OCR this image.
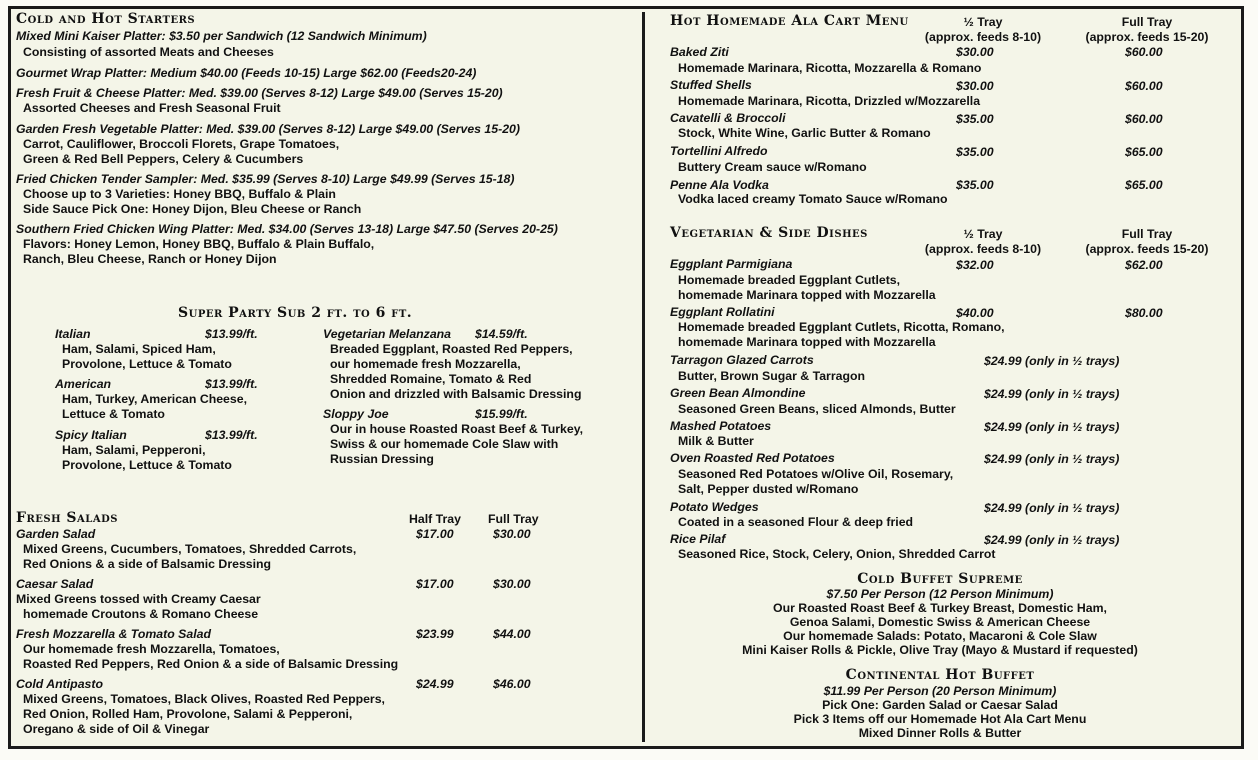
Cold and Hot Starters
Mixed Mini Kaiser Platter: $3.50 per Sandwich (12 Sandwich Minimum)
Consisting of assorted Meats and Cheeses
Gourmet Wrap Platter: Medium $40.00 (Feeds 10-15) Large $62.00 (Feeds20-24)
Fresh Fruit & Cheese Platter: Med. $39.00 (Serves 8-12) Large $49.00 (Serves 15-20)
Assorted Cheeses and Fresh Seasonal Fruit
Garden Fresh Vegetable Platter: Med. $39.00 (Serves 8-12) Large $49.00 (Serves 15-20)
Carrot, Cauliflower, Broccoli Florets, Grape Tomatoes,
Green & Red Bell Peppers, Celery & Cucumbers
Fried Chicken Tender Sampler: Med. $35.99 (Serves 8-10) Large $49.99 (Serves 15-18)
Choose up to 3 Varieties: Honey BBQ, Buffalo & Plain
Side Sauce Pick One: Honey Dijon, Bleu Cheese or Ranch
Southern Fried Chicken Wing Platter: Med. $34.00 (Serves 13-18) Large $47.50 (Serves 20-25)
Flavors: Honey Lemon, Honey BBQ, Buffalo & Plain Buffalo,
Ranch, Bleu Cheese, Ranch or Honey Dijon
Super Party Sub 2 ft. to 6 ft.
Italian	$13.99/ft.
Ham, Salami, Spiced Ham,
Provolone, Lettuce & Tomato
American	$13.99/ft.
Ham, Turkey, American Cheese,
Lettuce & Tomato
Spicy Italian	$13.99/ft.
Ham, Salami, Pepperoni,
Provolone, Lettuce & Tomato
Vegetarian Melanzana $14.59/ft.
Breaded Eggplant, Roasted Red Peppers,
our homemade fresh Mozzarella,
Shredded Romaine, Tomato & Red
Onion and drizzled with Balsamic Dressing
Sloppy Joe	$15.99/ft.
Our in house Roasted Roast Beef & Turkey,
Swiss & our homemade Cole Slaw with
Russian Dressing
Fresh Salads	Half Tray Full Tray
Garden Salad	$17.00	$30.00
Mixed Greens, Cucumbers, Tomatoes, Shredded Carrots,
Red Onions & a side of Balsamic Dressing
Caesar Salad	$17.00	$30.00
Mixed Greens tossed with Creamy Caesar
homemade Croutons & Romano Cheese
Fresh Mozzarella & Tomato Salad	$23.99	$44.00
Our homemade fresh Mozzarella, Tomatoes,
Roasted Red Peppers, Red Onion & a side of Balsamic Dressing
Cold Antipasto	$24.99	$46.00
Mixed Greens, Tomatoes, Black Olives, Roasted Red Peppers,
Red Onion, Rolled Ham, Provolone, Salami & Pepperoni,
Oregano & side of Oil & Vinegar
Hot Homemade Ala Cart Menu	½ Tray
(approx. feeds 8-10)
Full Tray
(approx. feeds 15-20)
Baked Ziti	$30.00	$60.00
Homemade Marinara, Ricotta, Mozzarella & Romano
Stuffed Shells	$30.00	$60.00
Homemade Marinara, Ricotta, Drizzled w/Mozzarella
Cavatelli & Broccoli	$35.00	$60.00
Stock, White Wine, Garlic Butter & Romano
Tortellini Alfredo	$35.00	$65.00
Buttery Cream sauce w/Romano
Penne Ala Vodka	$35.00	$65.00
Vodka laced creamy Tomato Sauce w/Romano
Vegetarian & Side Dishes	½ Tray
(approx. feeds 8-10)
Full Tray
(approx. feeds 15-20)
Eggplant Parmigiana	$32.00	$62.00
Homemade breaded Eggplant Cutlets,
homemade Marinara topped with Mozzarella
Eggplant Rollatini	$40.00	$80.00
Homemade breaded Eggplant Cutlets, Ricotta, Romano,
homemade Marinara topped with Mozzarella
Tarragon Glazed Carrots	$24.99 (only in ½ trays)
Butter, Brown Sugar & Tarragon
Green Bean Almondine	$24.99 (only in ½ trays)
Seasoned Green Beans, sliced Almonds, Butter
Mashed Potatoes	$24.99 (only in ½ trays)
Milk & Butter
Oven Roasted Red Potatoes	$24.99 (only in ½ trays)
Seasoned Red Potatoes w/Olive Oil, Rosemary,
Salt, Pepper dusted w/Romano
Potato Wedges	$24.99 (only in ½ trays)
Coated in a seasoned Flour & deep fried
Rice Pilaf	$24.99 (only in ½ trays)
Seasoned Rice, Stock, Celery, Onion, Shredded Carrot
Cold Buffet Supreme
$7.50 Per Person (12 Person Minimum)
Our Roasted Roast Beef & Turkey Breast, Domestic Ham,
Genoa Salami, Domestic Swiss & American Cheese
Our homemade Salads: Potato, Macaroni & Cole Slaw
Mini Kaiser Rolls & Pickle, Olive Tray (Mayo & Mustard if requested)
Continental Hot Buffet
$11.99 Per Person (20 Person Minimum)
Pick One: Garden Salad or Caesar Salad
Pick 3 Items off our Homemade Hot Ala Cart Menu
Mixed Dinner Rolls & Butter
